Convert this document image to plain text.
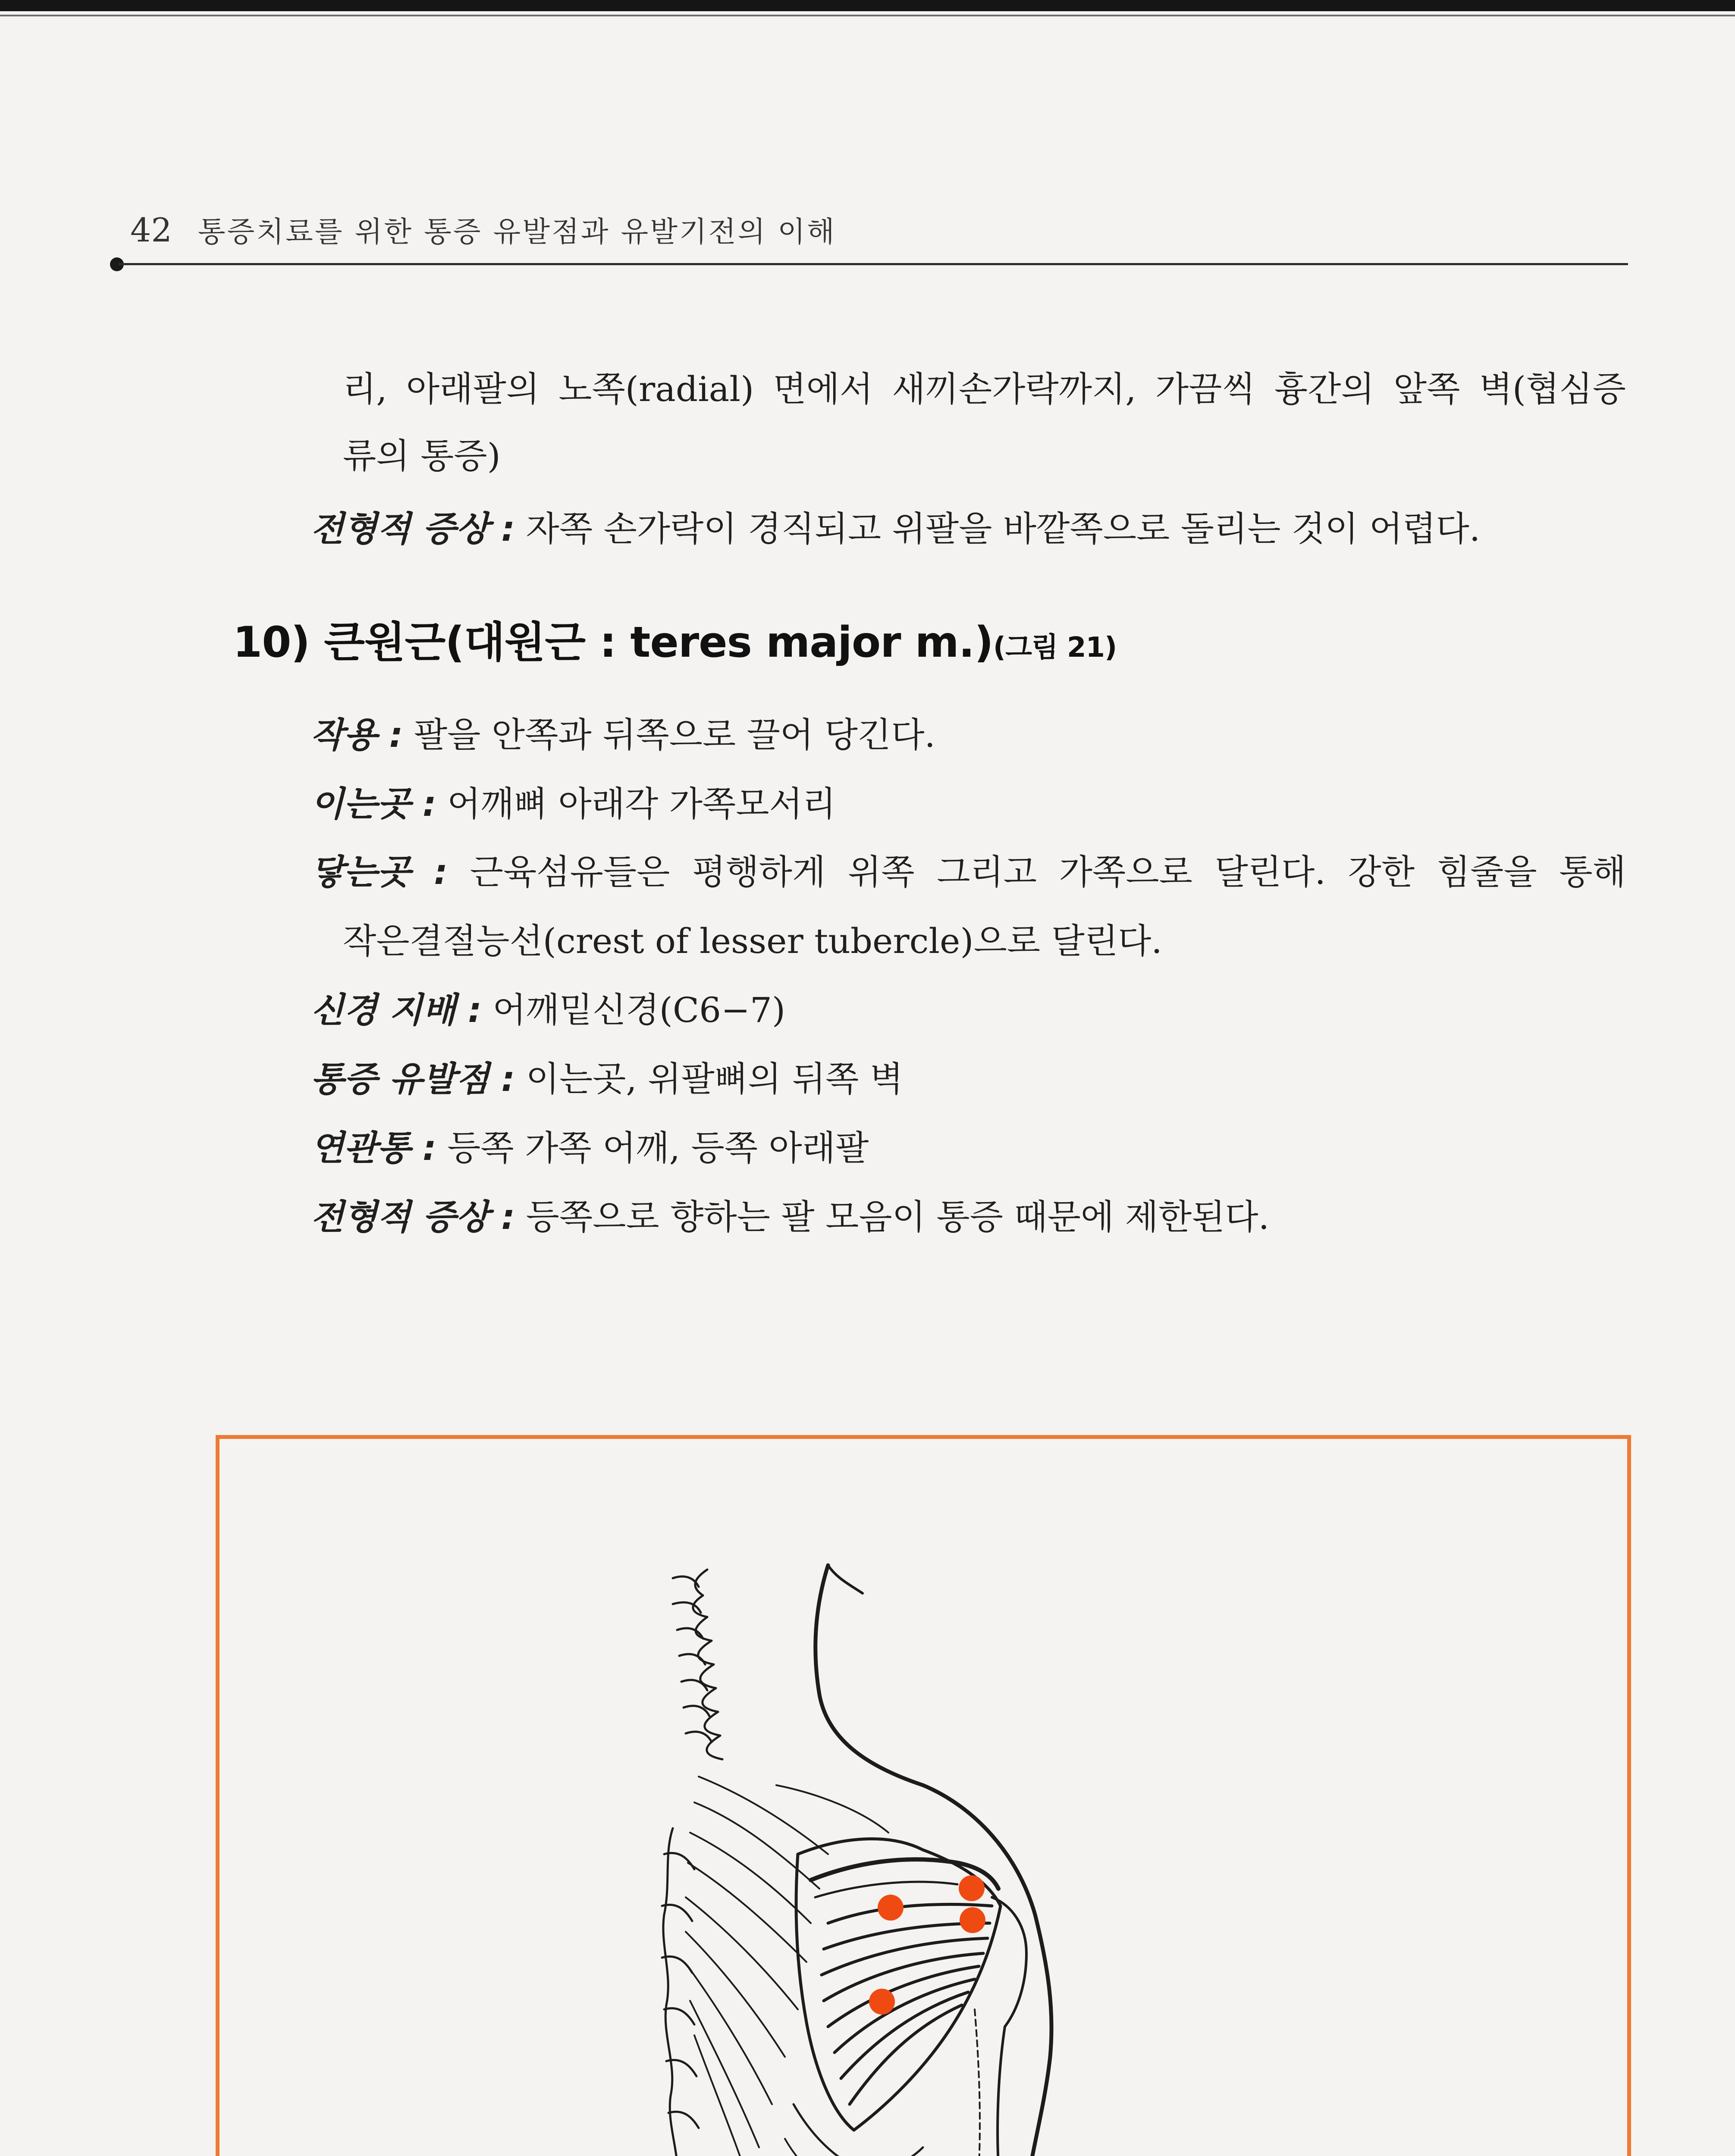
42 통증치료를 위한 통증 유발점과 유발기전의 이해
리, 아래팔의 노쪽(radial) 면에서 새끼손가락까지, 가끔씩 흉간의 앞쪽 벽(협심증
류의 통증)
전형적 증상 : 자쪽 손가락이 경직되고 위팔을 바깥쪽으로 돌리는 것이 어렵다.
10) 큰원근(대원근 : teres major m.)(그림 21)
작용 : 팔을 안쪽과 뒤쪽으로 끌어 당긴다.
이는곳 : 어깨뼈 아래각 가쪽모서리
닿는곳 : 근육섬유들은 평행하게 위쪽 그리고 가쪽으로 달린다. 강한 힘줄을 통해
작은결절능선(crest of lesser tubercle)으로 달린다.
신경 지배 : 어깨밑신경(C6−7)
통증 유발점 : 이는곳, 위팔뼈의 뒤쪽 벽
연관통 : 등쪽 가쪽 어깨, 등쪽 아래팔
전형적 증상 : 등쪽으로 향하는 팔 모음이 통증 때문에 제한된다.
